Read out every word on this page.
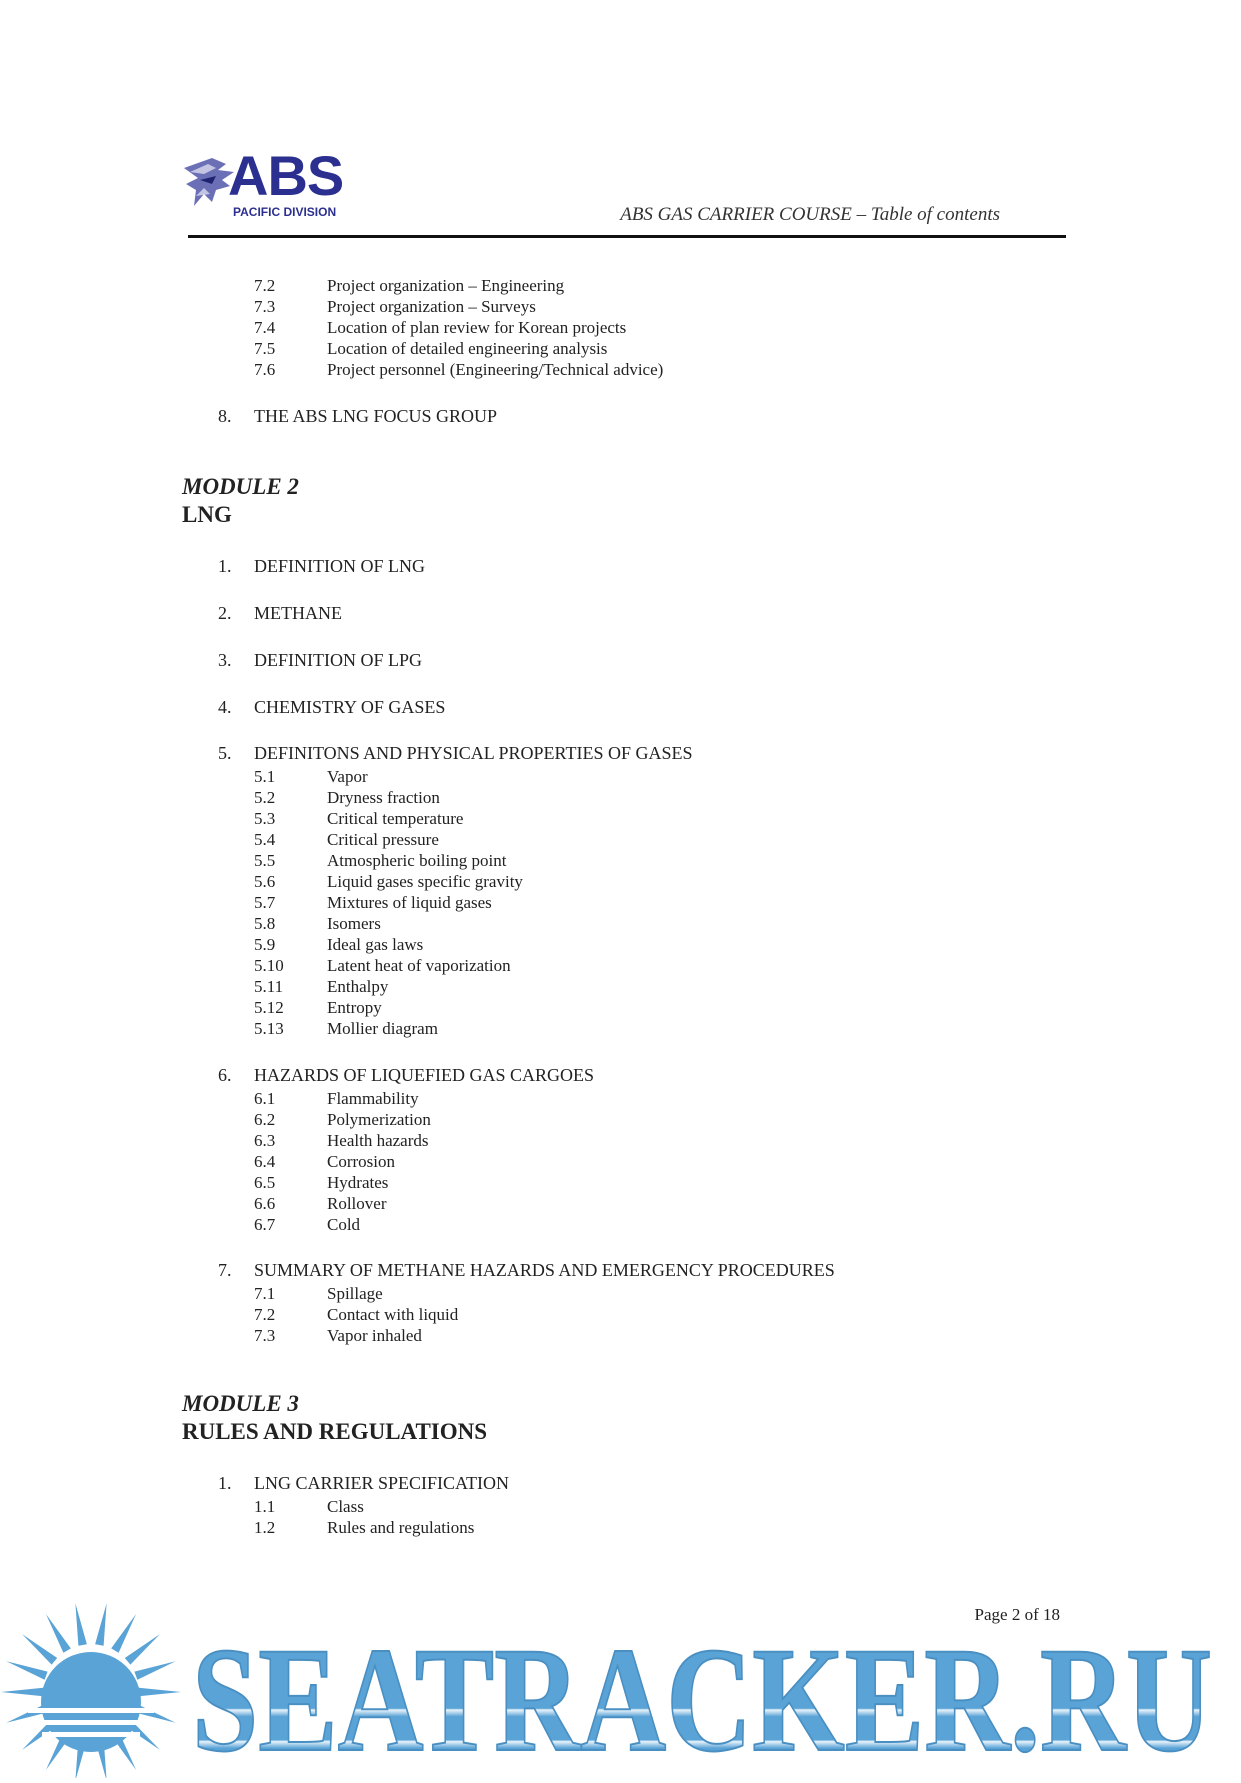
ABS
PACIFIC DIVISION	ABS GAS CARRIER COURSE – Table of contents
7.2	Project organization – Engineering
7.3	Project organization – Surveys
7.4	Location of plan review for Korean projects
7.5	Location of detailed engineering analysis
7.6	Project personnel (Engineering/Technical advice)
8. THE ABS LNG FOCUS GROUP
MODULE 2
LNG
1. DEFINITION OF LNG
2. METHANE
3. DEFINITION OF LPG
4. CHEMISTRY OF GASES
5. DEFINITONS AND PHYSICAL PROPERTIES OF GASES
5.1	Vapor
5.2	Dryness fraction
5.3	Critical temperature
5.4	Critical pressure
5.5	Atmospheric boiling point
5.6	Liquid gases specific gravity
5.7	Mixtures of liquid gases
5.8	Isomers
5.9	Ideal gas laws
5.10	Latent heat of vaporization
5.11	Enthalpy
5.12	Entropy
5.13	Mollier diagram
6. HAZARDS OF LIQUEFIED GAS CARGOES
6.1	Flammability
6.2	Polymerization
6.3	Health hazards
6.4	Corrosion
6.5	Hydrates
6.6	Rollover
6.7	Cold
7. SUMMARY OF METHANE HAZARDS AND EMERGENCY PROCEDURES
7.1	Spillage
7.2	Contact with liquid
7.3	Vapor inhaled
MODULE 3
RULES AND REGULATIONS
1. LNG CARRIER SPECIFICATION
1.1	Class
1.2	Rules and regulations
Page 2 of 18
SEATRACKER.RU
